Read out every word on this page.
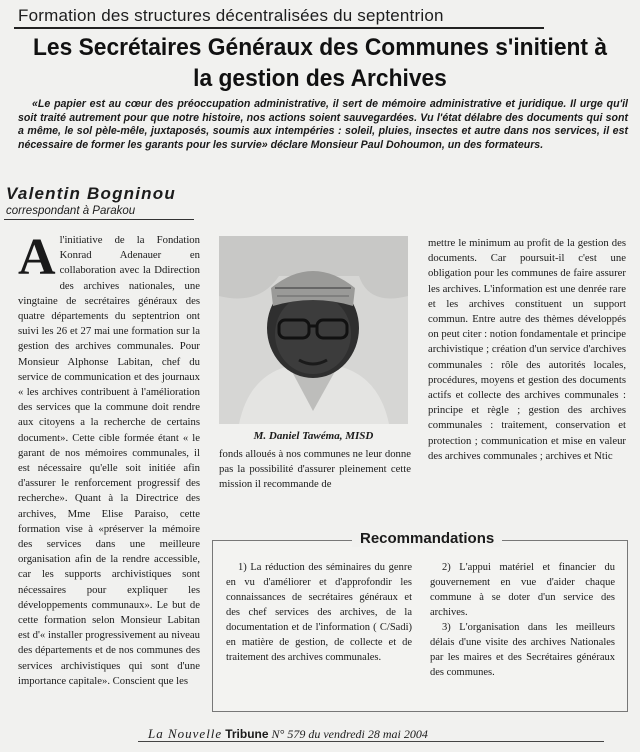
Formation des structures décentralisées du septentrion
Les Secrétaires Généraux des Communes s'initient à
la gestion des Archives
«Le papier est au cœur des préoccupation administrative, il sert de mémoire administrative et juridique. Il urge qu'il soit traité autrement pour que notre histoire, nos actions soient sauvegardées. Vu l'état délabre des documents qui sont a même, le sol pèle-mêle, juxtaposés, soumis aux intempéries : soleil, pluies, insectes et autre dans nos services, il est nécessaire de former les garants pour les survie» déclare Monsieur Paul Dohoumon, un des formateurs.
Valentin Bogninou
correspondant à Parakou
Al'initiative de la Fondation Konrad Adenauer en collaboration avec la Ddirection des archives nationales, une vingtaine de secrétaires généraux des quatre départements du septentrion ont suivi les 26 et 27 mai une formation sur la gestion des archives communales. Pour Monsieur Alphonse Labitan, chef du service de communication et des journaux « les archives contribuent à l'amélioration des services que la commune doit rendre aux citoyens a la recherche de certains document». Cette cible formée étant « le garant de nos mémoires communales, il est nécessaire qu'elle soit initiée afin d'assurer le renforcement progressif des recherche». Quant à la Directrice des archives, Mme Elise Paraiso, cette formation vise à «préserver la mémoire des services dans une meilleure organisation afin de la rendre accessible, car les supports archivistiques sont nécessaires pour expliquer les développements communaux». Le but de cette formation selon Monsieur Labitan est d'« installer progressivement au niveau des départements et de nos communes des services archivistiques qui sont d'une importance capitale». Conscient que les
M. Daniel Tawéma, MISD
fonds alloués à nos communes ne leur donne pas la possibilité d'assurer pleinement cette mission il recommande de
mettre le minimum au profit de la gestion des documents. Car poursuit-il c'est une obligation pour les communes de faire assurer les archives. L'information est une denrée rare et les archives constituent un support commun. Entre autre des thèmes développés on peut citer : notion fondamentale et principe archivistique ; création d'un service d'archives communales : rôle des autorités locales, procédures, moyens et gestion des documents actifs et collecte des archives communales : principe et règle ; gestion des archives communales : traitement, conservation et protection ; communication et mise en valeur des archives communales ; archives et Ntic
Recommandations
1) La réduction des séminaires du genre en vu d'améliorer et d'approfondir les connaissances de secrétaires généraux et des chef services des archives, de la documentation et de l'information ( C/Sadi) en matière de gestion, de collecte et de traitement des archives communales.
2) L'appui matériel et financier du gouvernement en vue d'aider chaque commune à se doter d'un service des archives.
3) L'organisation dans les meilleurs délais d'une visite des archives Nationales par les maires et des Secrétaires généraux des communes.
La Nouvelle Tribune N° 579 du vendredi 28 mai 2004
